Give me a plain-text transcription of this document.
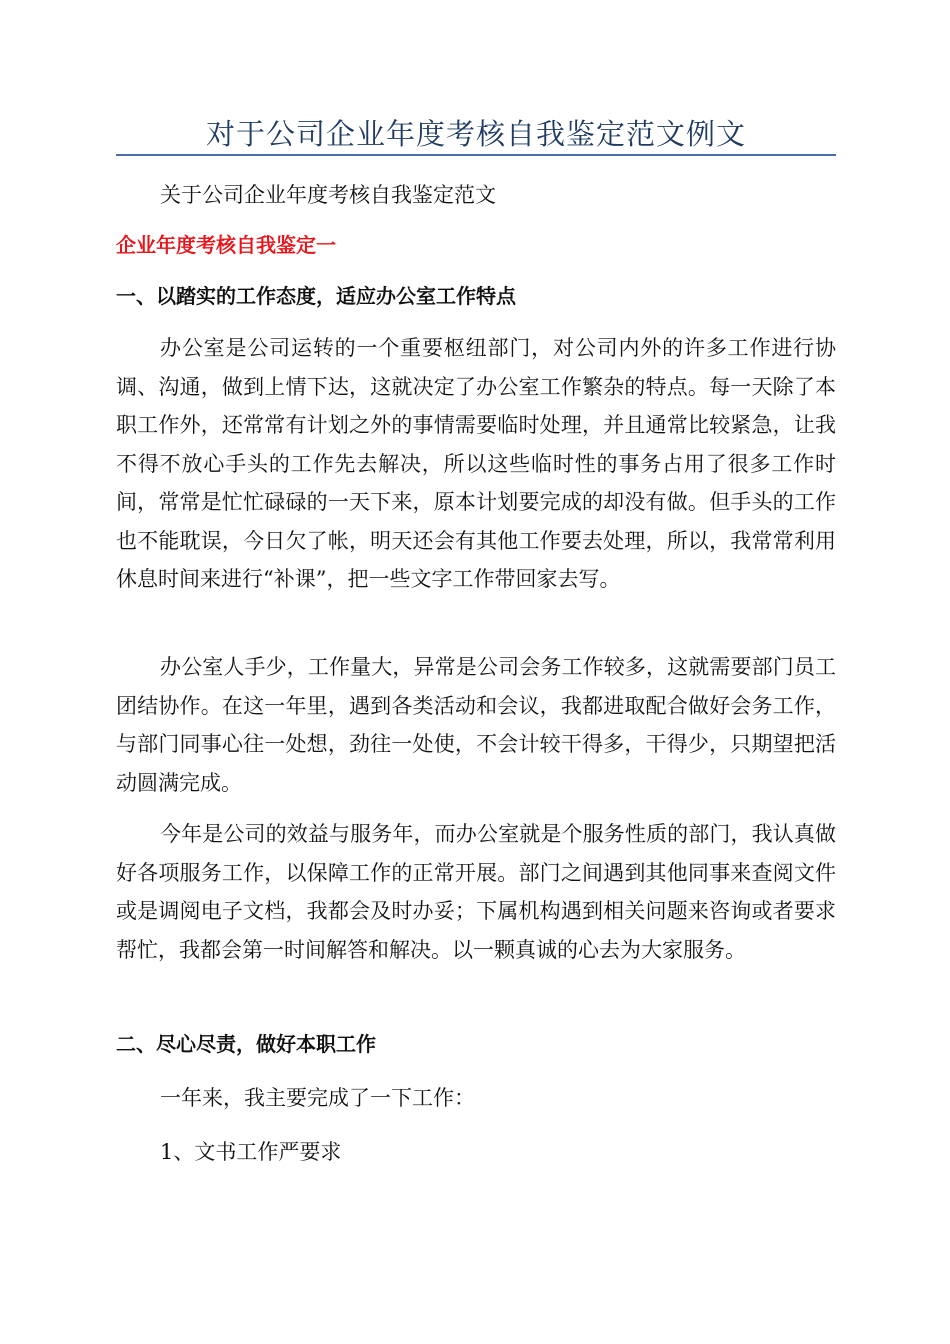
对于公司企业年度考核自我鉴定范文例文
关于公司企业年度考核自我鉴定范文
企业年度考核自我鉴定一
一、以踏实的工作态度，适应办公室工作特点
办公室是公司运转的一个重要枢纽部门，对公司内外的许多工作进行协调、沟通，做到上情下达，这就决定了办公室工作繁杂的特点。每一天除了本职工作外，还常常有计划之外的事情需要临时处理，并且通常比较紧急，让我不得不放心手头的工作先去解决，所以这些临时性的事务占用了很多工作时间，常常是忙忙碌碌的一天下来，原本计划要完成的却没有做。但手头的工作也不能耽误，今日欠了帐，明天还会有其他工作要去处理，所以，我常常利用休息时间来进行“补课”，把一些文字工作带回家去写。
办公室人手少，工作量大，异常是公司会务工作较多，这就需要部门员工团结协作。在这一年里，遇到各类活动和会议，我都进取配合做好会务工作，与部门同事心往一处想，劲往一处使，不会计较干得多，干得少，只期望把活动圆满完成。
今年是公司的效益与服务年，而办公室就是个服务性质的部门，我认真做好各项服务工作，以保障工作的正常开展。部门之间遇到其他同事来查阅文件或是调阅电子文档，我都会及时办妥；下属机构遇到相关问题来咨询或者要求帮忙，我都会第一时间解答和解决。以一颗真诚的心去为大家服务。
二、尽心尽责，做好本职工作
一年来，我主要完成了一下工作：
1、文书工作严要求
